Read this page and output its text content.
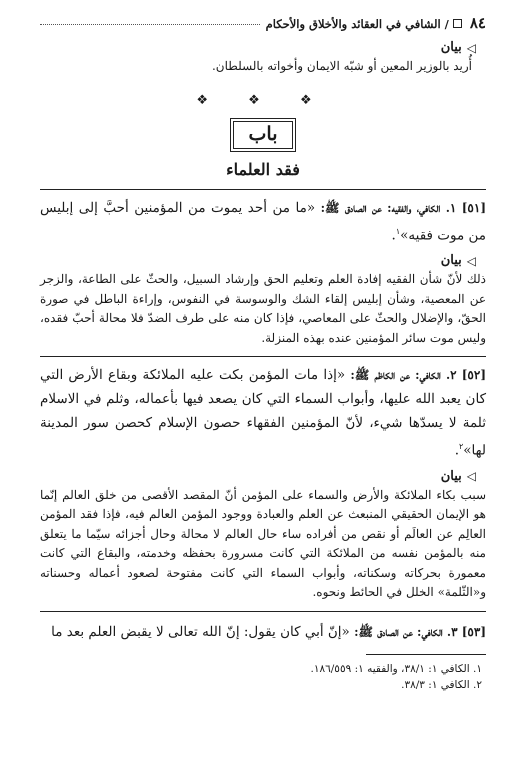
٨٤
/
الشافي في العقائد والأخلاق والأحكام
◁
بيان

أُريد بالوزير المعين أو شبّه الايمان وأخواته بالسلطان.

❖ ❖ ❖
باب
فقد العلماء

[٥١] ١. الكافي، والفقيه: عن الصادق ﷺ: «ما من أحد يموت من المؤمنين أحبَّ إلى إبليس من موت فقيه»$^١$.

◁
بيان

ذلك لأنّ شأن الفقيه إفادة العلم وتعليم الحق وإرشاد السبيل، والحثّ على الطاعة، والزجر عن المعصية، وشأن إبليس إلقاء الشك والوسوسة في النفوس، وإراءة الباطل في صورة الحقّ، والإضلال والحثّ على المعاصي، فإذا كان منه على طرف الضدّ فلا محالة أحبّ فقده، وليس موت سائر المؤمنين عنده بهذه المنزلة.

[٥٢] ٢. الكافي: عن الكاظم ﷺ: «إذا مات المؤمن بكت عليه الملائكة وبقاع الأرض التي كان يعبد الله عليها، وأبواب السماء التي كان يصعد فيها بأعماله، وثلم في الاسلام ثلمة لا يسدّها شيء، لأنّ المؤمنين الفقهاء حصون الإسلام كحصن سور المدينة لها»$^٢$.

◁
بيان

سبب بكاء الملائكة والأرض والسماء على المؤمن أنّ المقصد الأقصى من خلق العالم إنّما هو الإيمان الحقيقي المنبعث عن العلم والعبادة ووجود المؤمن العالم فيه، فإذا فقد المؤمن العالِم عن العالَم أو نقص من أفراده ساء حال العالم لا محالة وحال أجزائه سيّما ما يتعلق منه بالمؤمن نفسه من الملائكة التي كانت مسرورة بحفظه وخدمته، والبقاع التي كانت معمورة بحركاته وسكناته، وأبواب السماء التي كانت مفتوحة لصعود أعماله وحسناته و«الثّلمة» الخلل في الحائط ونحوه.

[٥٣] ٣. الكافي: عن الصادق ﷺ: «إنّ أبي كان يقول: إنّ الله تعالى لا يقبض العلم بعد ما

١. الكافي ١: ٣٨/١، والفقيه ١: ١٨٦/٥٥٩.

٢. الكافي ١: ٣٨/٣.
